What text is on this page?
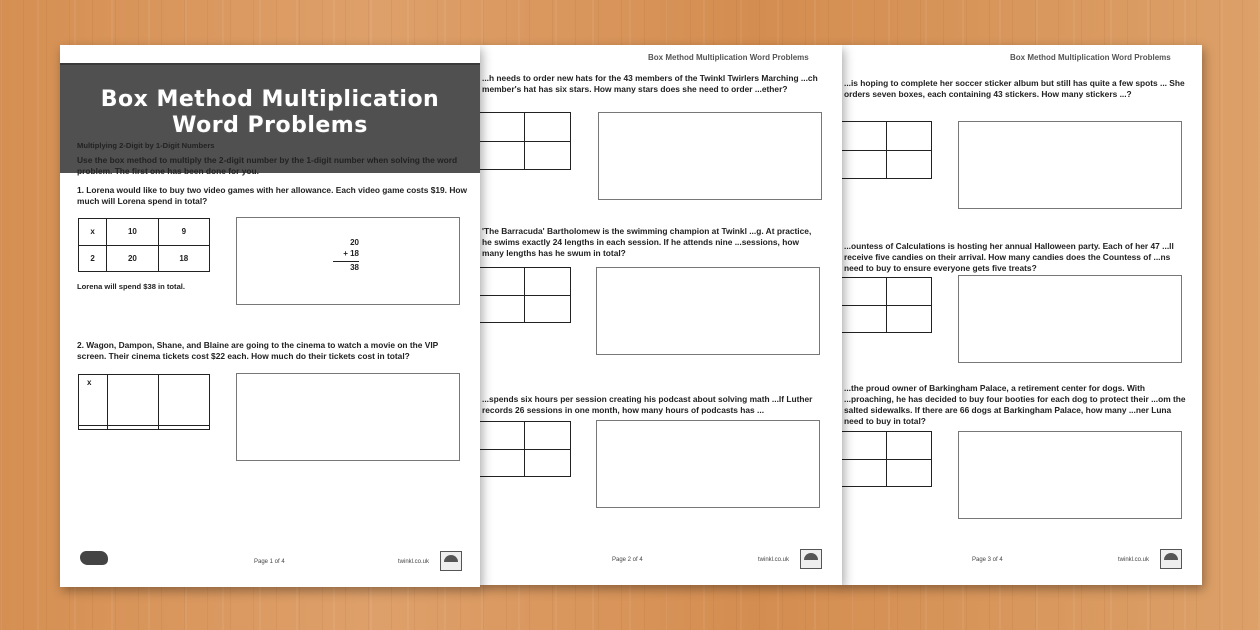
Box Method Multiplication Word Problems
...is hoping to complete her soccer sticker album but still has quite a few spots ... She orders seven boxes, each containing 43 stickers. How many stickers ...?

...ountess of Calculations is hosting her annual Halloween party. Each of her 47 ...ll receive five candies on their arrival. How many candies does the Countess of ...ns need to buy to ensure everyone gets five treats?

...the proud owner of Barkingham Palace, a retirement center for dogs. With ...proaching, he has decided to buy four booties for each dog to protect their ...om the salted sidewalks. If there are 66 dogs at Barkingham Palace, how many ...ner Luna need to buy in total?

Page 3 of 4	twinkl.co.uk
Box Method Multiplication Word Problems
...h needs to order new hats for the 43 members of the Twinkl Twirlers Marching ...ch member's hat has six stars. How many stars does she need to order ...ether?

'The Barracuda' Bartholomew is the swimming champion at Twinkl ...g. At practice, he swims exactly 24 lengths in each session. If he attends nine ...sessions, how many lengths has he swum in total?

...spends six hours per session creating his podcast about solving math ...If Luther records 26 sessions in one month, how many hours of podcasts has ...

Page 2 of 4	twinkl.co.uk
Box Method Multiplication
Word Problems
Multiplying 2-Digit by 1-Digit Numbers
Use the box method to multiply the 2-digit number by the 1-digit number when solving the word problem. The first one has been done for you.
1. Lorena would like to buy two video games with her allowance. Each video game costs $19. How much will Lorena spend in total?
x	10	9
2	20	18
20
+ 18
38
Lorena will spend $38 in total.
2. Wagon, Dampon, Shane, and Blaine are going to the cinema to watch a movie on the VIP screen. Their cinema tickets cost $22 each. How much do their tickets cost in total?
x		

Page 1 of 4	twinkl.co.uk
